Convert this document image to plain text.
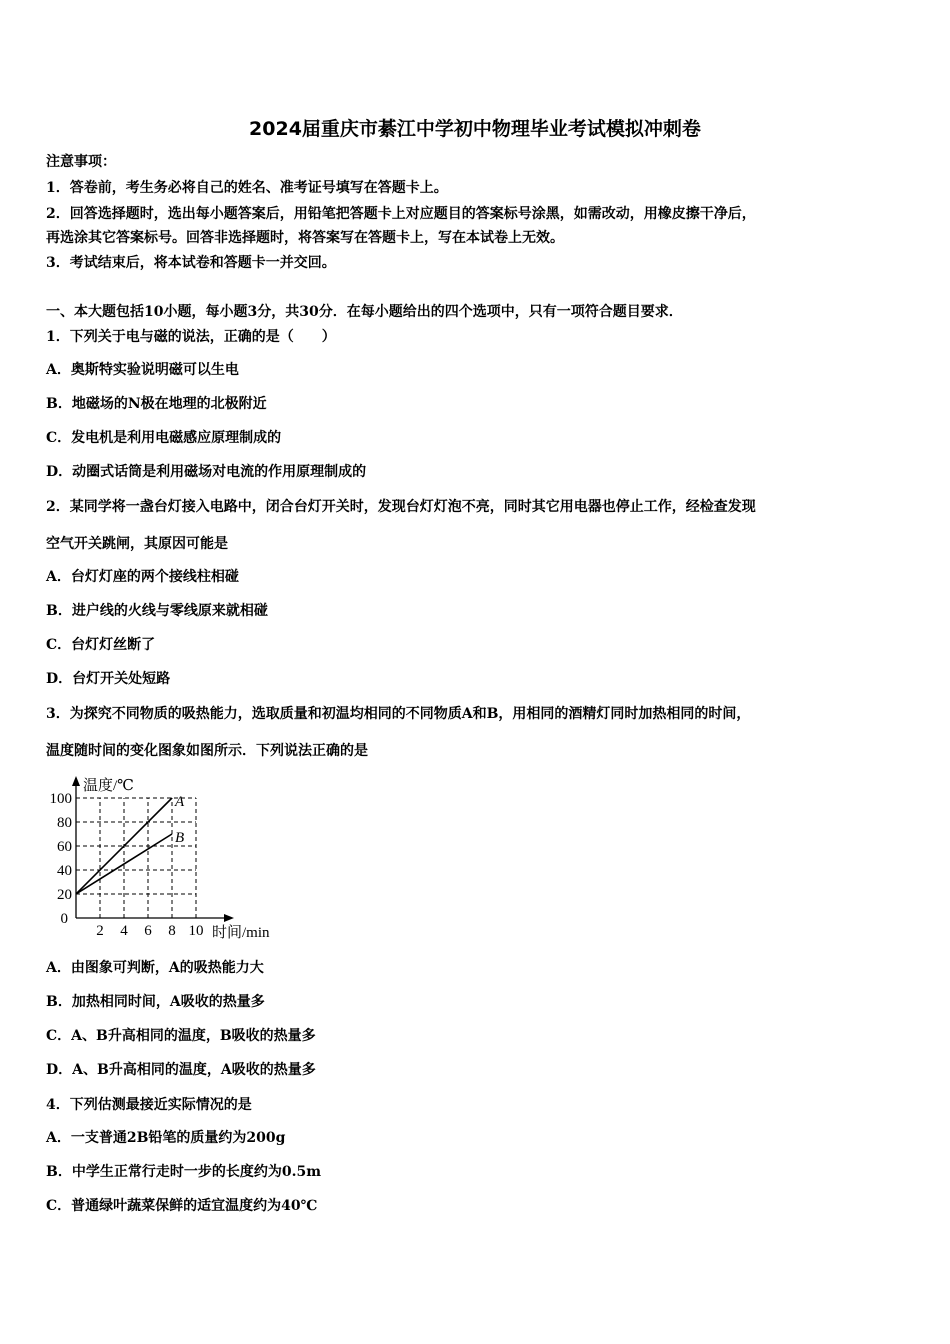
2024届重庆市綦江中学初中物理毕业考试模拟冲刺卷
注意事项：
1．答卷前，考生务必将自己的姓名、准考证号填写在答题卡上。
2．回答选择题时，选出每小题答案后，用铅笔把答题卡上对应题目的答案标号涂黑，如需改动，用橡皮擦干净后，
再选涂其它答案标号。回答非选择题时，将答案写在答题卡上，写在本试卷上无效。
3．考试结束后，将本试卷和答题卡一并交回。
一、本大题包括10小题，每小题3分，共30分．在每小题给出的四个选项中，只有一项符合题目要求．
1．下列关于电与磁的说法，正确的是（　　）
A．奥斯特实验说明磁可以生电
B．地磁场的N极在地理的北极附近
C．发电机是利用电磁感应原理制成的
D．动圈式话筒是利用磁场对电流的作用原理制成的
2．某同学将一盏台灯接入电路中，闭合台灯开关时，发现台灯灯泡不亮，同时其它用电器也停止工作，经检查发现
空气开关跳闸，其原因可能是
A．台灯灯座的两个接线柱相碰
B．进户线的火线与零线原来就相碰
C．台灯灯丝断了
D．台灯开关处短路
3．为探究不同物质的吸热能力，选取质量和初温均相同的不同物质A和B，用相同的酒精灯同时加热相同的时间，
温度随时间的变化图象如图所示．下列说法正确的是
2 4 6 8 10
100
80
60
40
20
0
温度/℃
时间/min
A
B
A．由图象可判断，A的吸热能力大
B．加热相同时间，A吸收的热量多
C．A、B升高相同的温度，B吸收的热量多
D．A、B升高相同的温度，A吸收的热量多
4．下列估测最接近实际情况的是
A．一支普通2B铅笔的质量约为200g
B．中学生正常行走时一步的长度约为0.5m
C．普通绿叶蔬菜保鲜的适宜温度约为40℃
